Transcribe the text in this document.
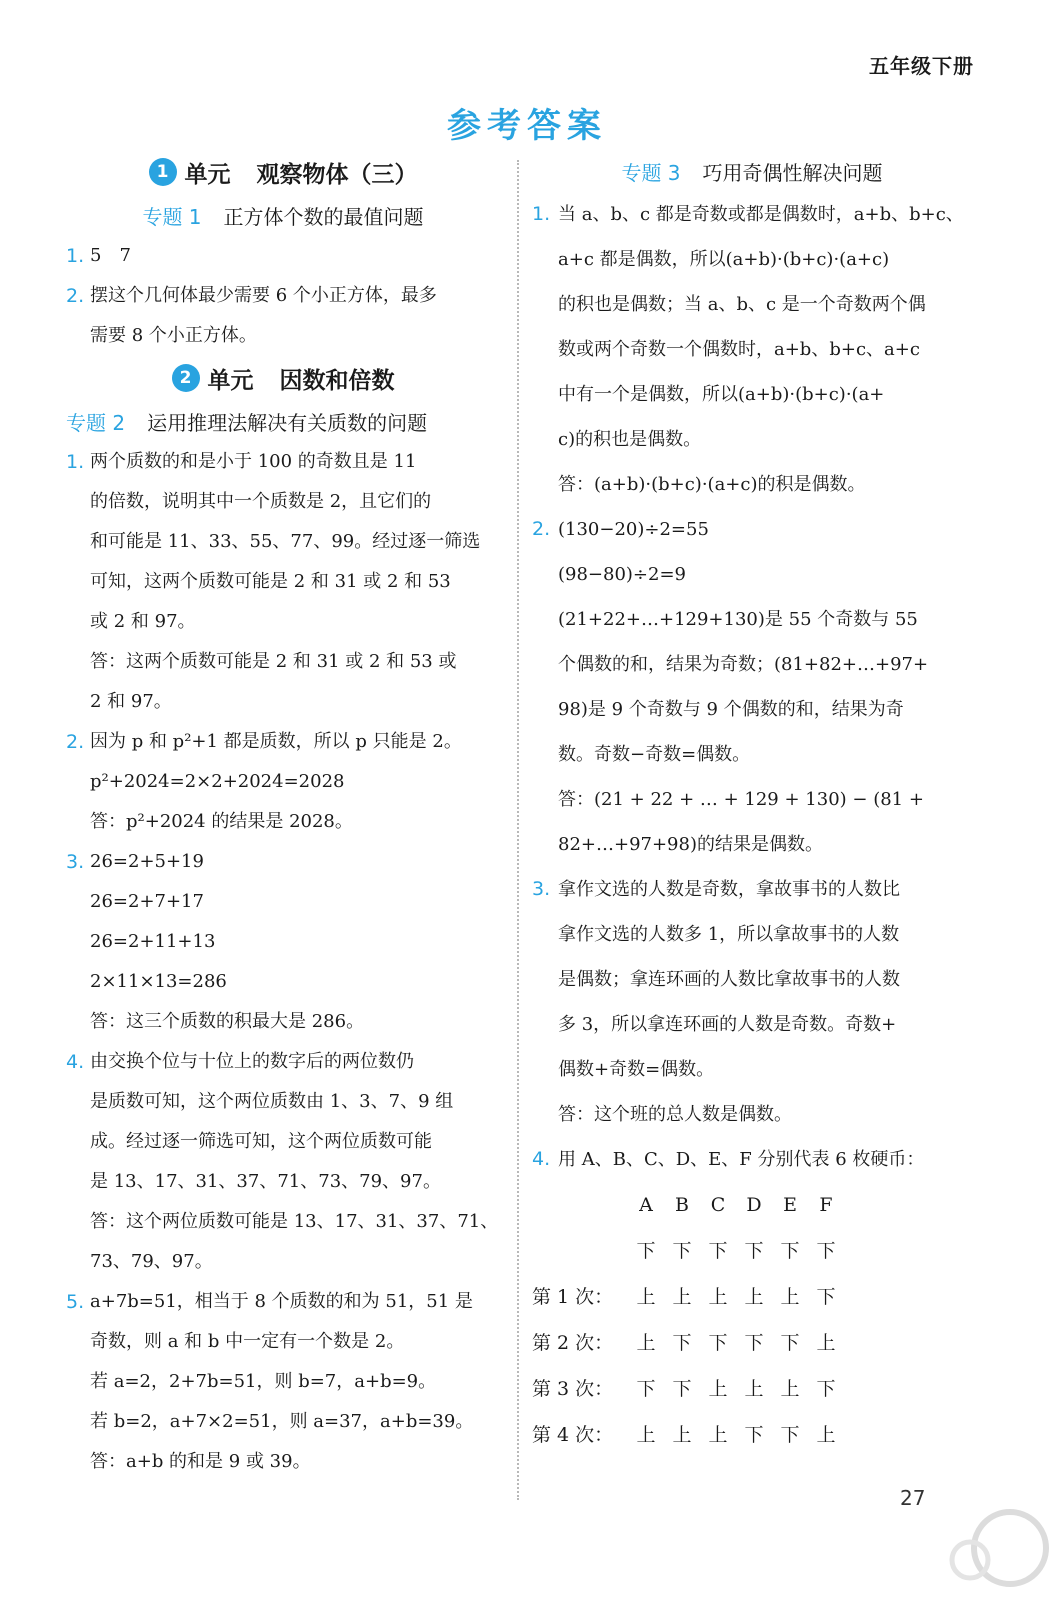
五年级下册
参考答案
1 单元 观察物体（三）
专题 1 正方体个数的最值问题
1. 5　7
2. 摆这个几何体最少需要 6 个小正方体，最多
需要 8 个小正方体。
2 单元 因数和倍数
专题 2 运用推理法解决有关质数的问题
1. 两个质数的和是小于 100 的奇数且是 11
的倍数，说明其中一个质数是 2，且它们的
和可能是 11、33、55、77、99。经过逐一筛选
可知，这两个质数可能是 2 和 31 或 2 和 53
或 2 和 97。
答：这两个质数可能是 2 和 31 或 2 和 53 或
2 和 97。
2. 因为 p 和 p²+1 都是质数，所以 p 只能是 2。
p²+2024=2×2+2024=2028
答：p²+2024 的结果是 2028。
3. 26=2+5+19
26=2+7+17
26=2+11+13
2×11×13=286
答：这三个质数的积最大是 286。
4. 由交换个位与十位上的数字后的两位数仍
是质数可知，这个两位质数由 1、3、7、9 组
成。经过逐一筛选可知，这个两位质数可能
是 13、17、31、37、71、73、79、97。
答：这个两位质数可能是 13、17、31、37、71、
73、79、97。
5. a+7b=51，相当于 8 个质数的和为 51，51 是
奇数，则 a 和 b 中一定有一个数是 2。
若 a=2，2+7b=51，则 b=7，a+b=9。
若 b=2，a+7×2=51，则 a=37，a+b=39。
答：a+b 的和是 9 或 39。
专题 3 巧用奇偶性解决问题
1. 当 a、b、c 都是奇数或都是偶数时，a+b、b+c、
a+c 都是偶数，所以(a+b)·(b+c)·(a+c)
的积也是偶数；当 a、b、c 是一个奇数两个偶
数或两个奇数一个偶数时，a+b、b+c、a+c
中有一个是偶数，所以(a+b)·(b+c)·(a+
c)的积也是偶数。
答：(a+b)·(b+c)·(a+c)的积是偶数。
2. (130−20)÷2=55
(98−80)÷2=9
(21+22+…+129+130)是 55 个奇数与 55
个偶数的和，结果为奇数；(81+82+…+97+
98)是 9 个奇数与 9 个偶数的和，结果为奇
数。奇数−奇数=偶数。
答：(21 + 22 + … + 129 + 130) − (81 +
82+…+97+98)的结果是偶数。
3. 拿作文选的人数是奇数，拿故事书的人数比
拿作文选的人数多 1，所以拿故事书的人数
是偶数；拿连环画的人数比拿故事书的人数
多 3，所以拿连环画的人数是奇数。奇数+
偶数+奇数=偶数。
答：这个班的总人数是偶数。
4. 用 A、B、C、D、E、F 分别代表 6 枚硬币：
A	B	C	D	E	F
下 下 下 下 下 下
第 1 次：	上 上 上 上 上 下
第 2 次：	上 下 下 下 下 上
第 3 次：	下 下 上 上 上 下
第 4 次：	上 上 上 下 下 上
27
